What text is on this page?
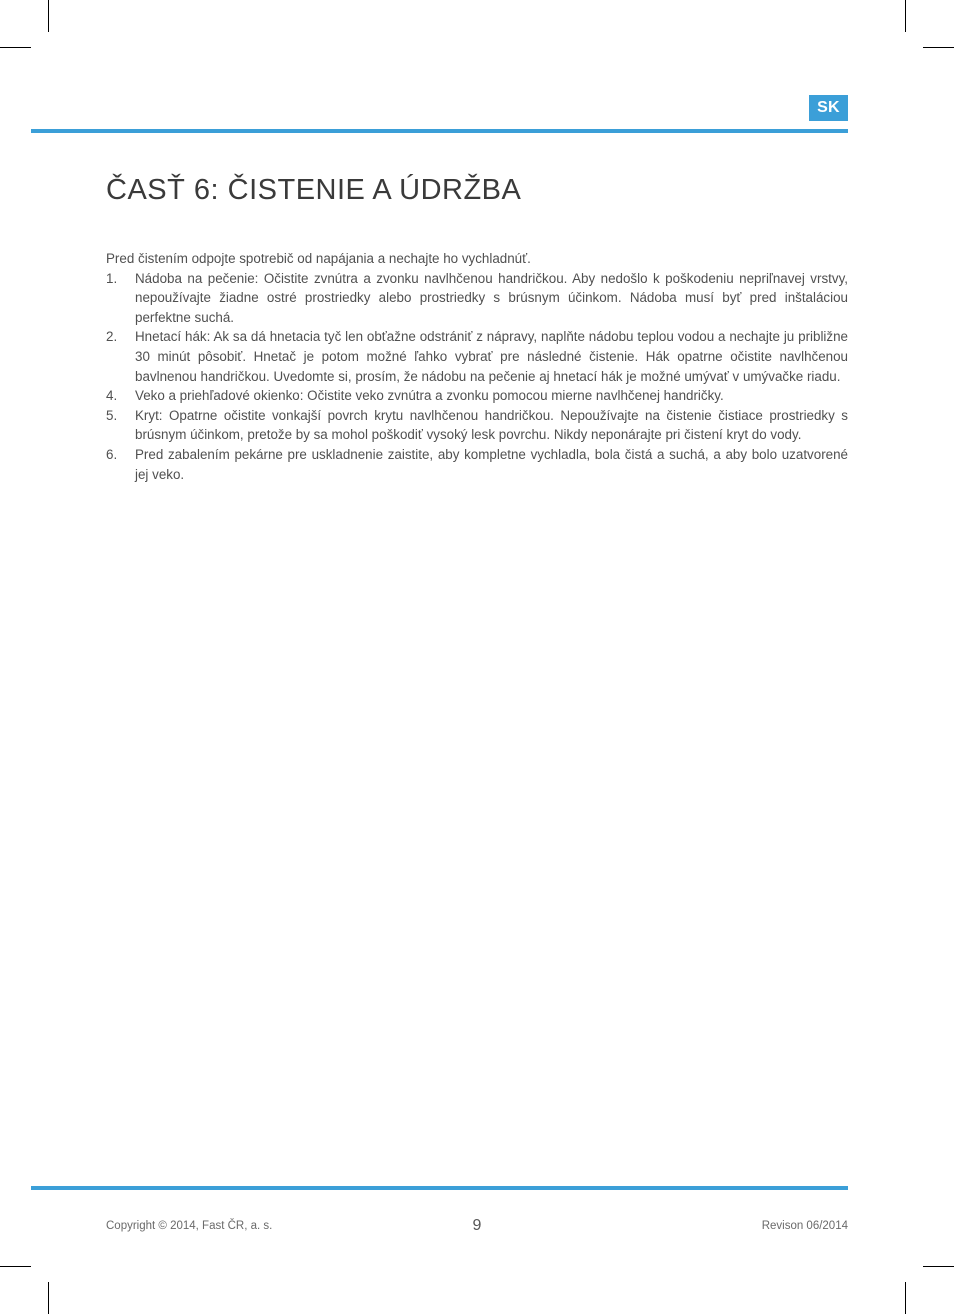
SK
ČASŤ 6: ČISTENIE A ÚDRŽBA

Pred čistením odpojte spotrebič od napájania a nechajte ho vychladnúť.

1. Nádoba na pečenie: Očistite zvnútra a zvonku navlhčenou handričkou. Aby nedošlo k poškodeniu nepriľnavej vrstvy, nepoužívajte žiadne ostré prostriedky alebo prostriedky s brúsnym účinkom. Nádoba musí byť pred inštaláciou perfektne suchá.
2. Hnetací hák: Ak sa dá hnetacia tyč len obťažne odstrániť z nápravy, naplňte nádobu teplou vodou a nechajte ju približne 30 minút pôsobiť. Hnetač je potom možné ľahko vybrať pre následné čistenie. Hák opatrne očistite navlhčenou bavlnenou handričkou. Uvedomte si, prosím, že nádobu na pečenie aj hnetací hák je možné umývať v umývačke riadu.
4. Veko a priehľadové okienko: Očistite veko zvnútra a zvonku pomocou mierne navlhčenej handričky.
5. Kryt: Opatrne očistite vonkajší povrch krytu navlhčenou handričkou. Nepoužívajte na čistenie čistiace prostriedky s brúsnym účinkom, pretože by sa mohol poškodiť vysoký lesk povrchu. Nikdy neponárajte pri čistení kryt do vody.
6. Pred zabalením pekárne pre uskladnenie zaistite, aby kompletne vychladla, bola čistá a suchá, a aby bolo uzatvorené jej veko.
Copyright © 2014, Fast ČR, a. s.	9	Revison 06/2014
